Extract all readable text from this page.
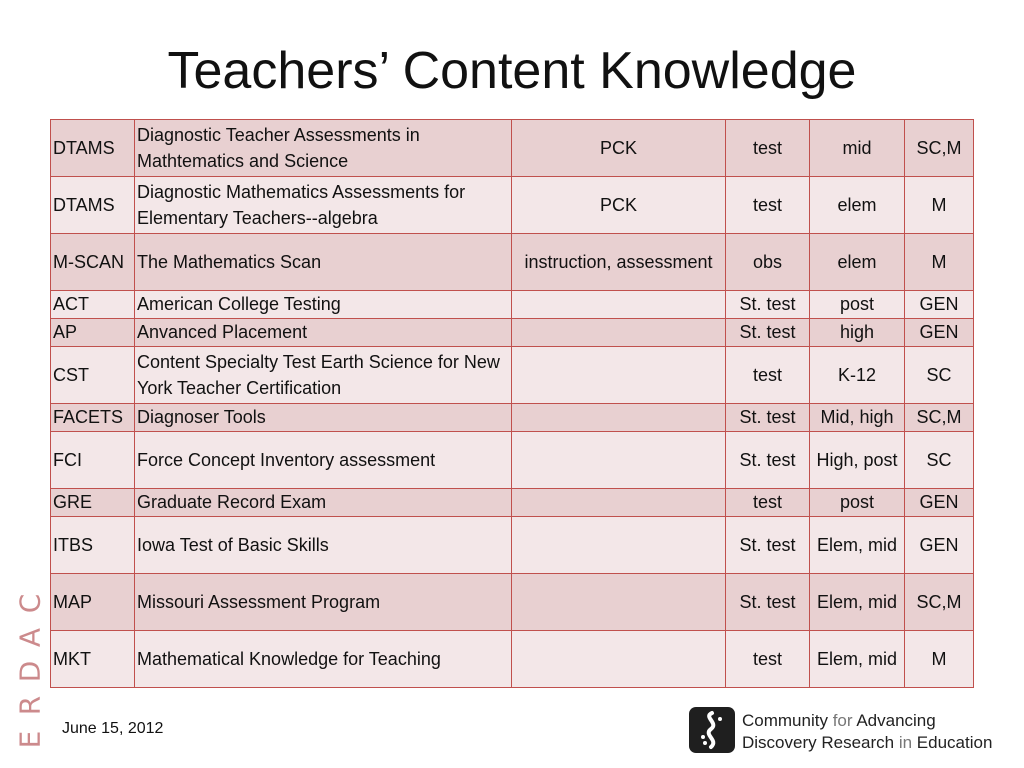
Teachers’ Content Knowledge
DTAMS	Diagnostic Teacher Assessments in Mathtematics and Science	PCK	test	mid	SC,M
DTAMS	Diagnostic Mathematics Assessments for Elementary Teachers--algebra	PCK	test	elem	M
M-SCAN	The Mathematics Scan	instruction, assessment	obs	elem	M
ACT	American College Testing		St. test	post	GEN
AP	Anvanced Placement		St. test	high	GEN
CST	Content Specialty Test Earth Science for New York Teacher Certification		test	K-12	SC
FACETS	Diagnoser Tools		St. test	Mid, high	SC,M
FCI	Force Concept Inventory assessment		St. test	High, post	SC
GRE	Graduate Record Exam		test	post	GEN
ITBS	Iowa Test of Basic Skills		St. test	Elem, mid	GEN
MAP	Missouri Assessment Program		St. test	Elem, mid	SC,M
MKT	Mathematical Knowledge for Teaching		test	Elem, mid	M
C
A
D
R
E
June 15, 2012	Community for Advancing
Discovery Research in Education
